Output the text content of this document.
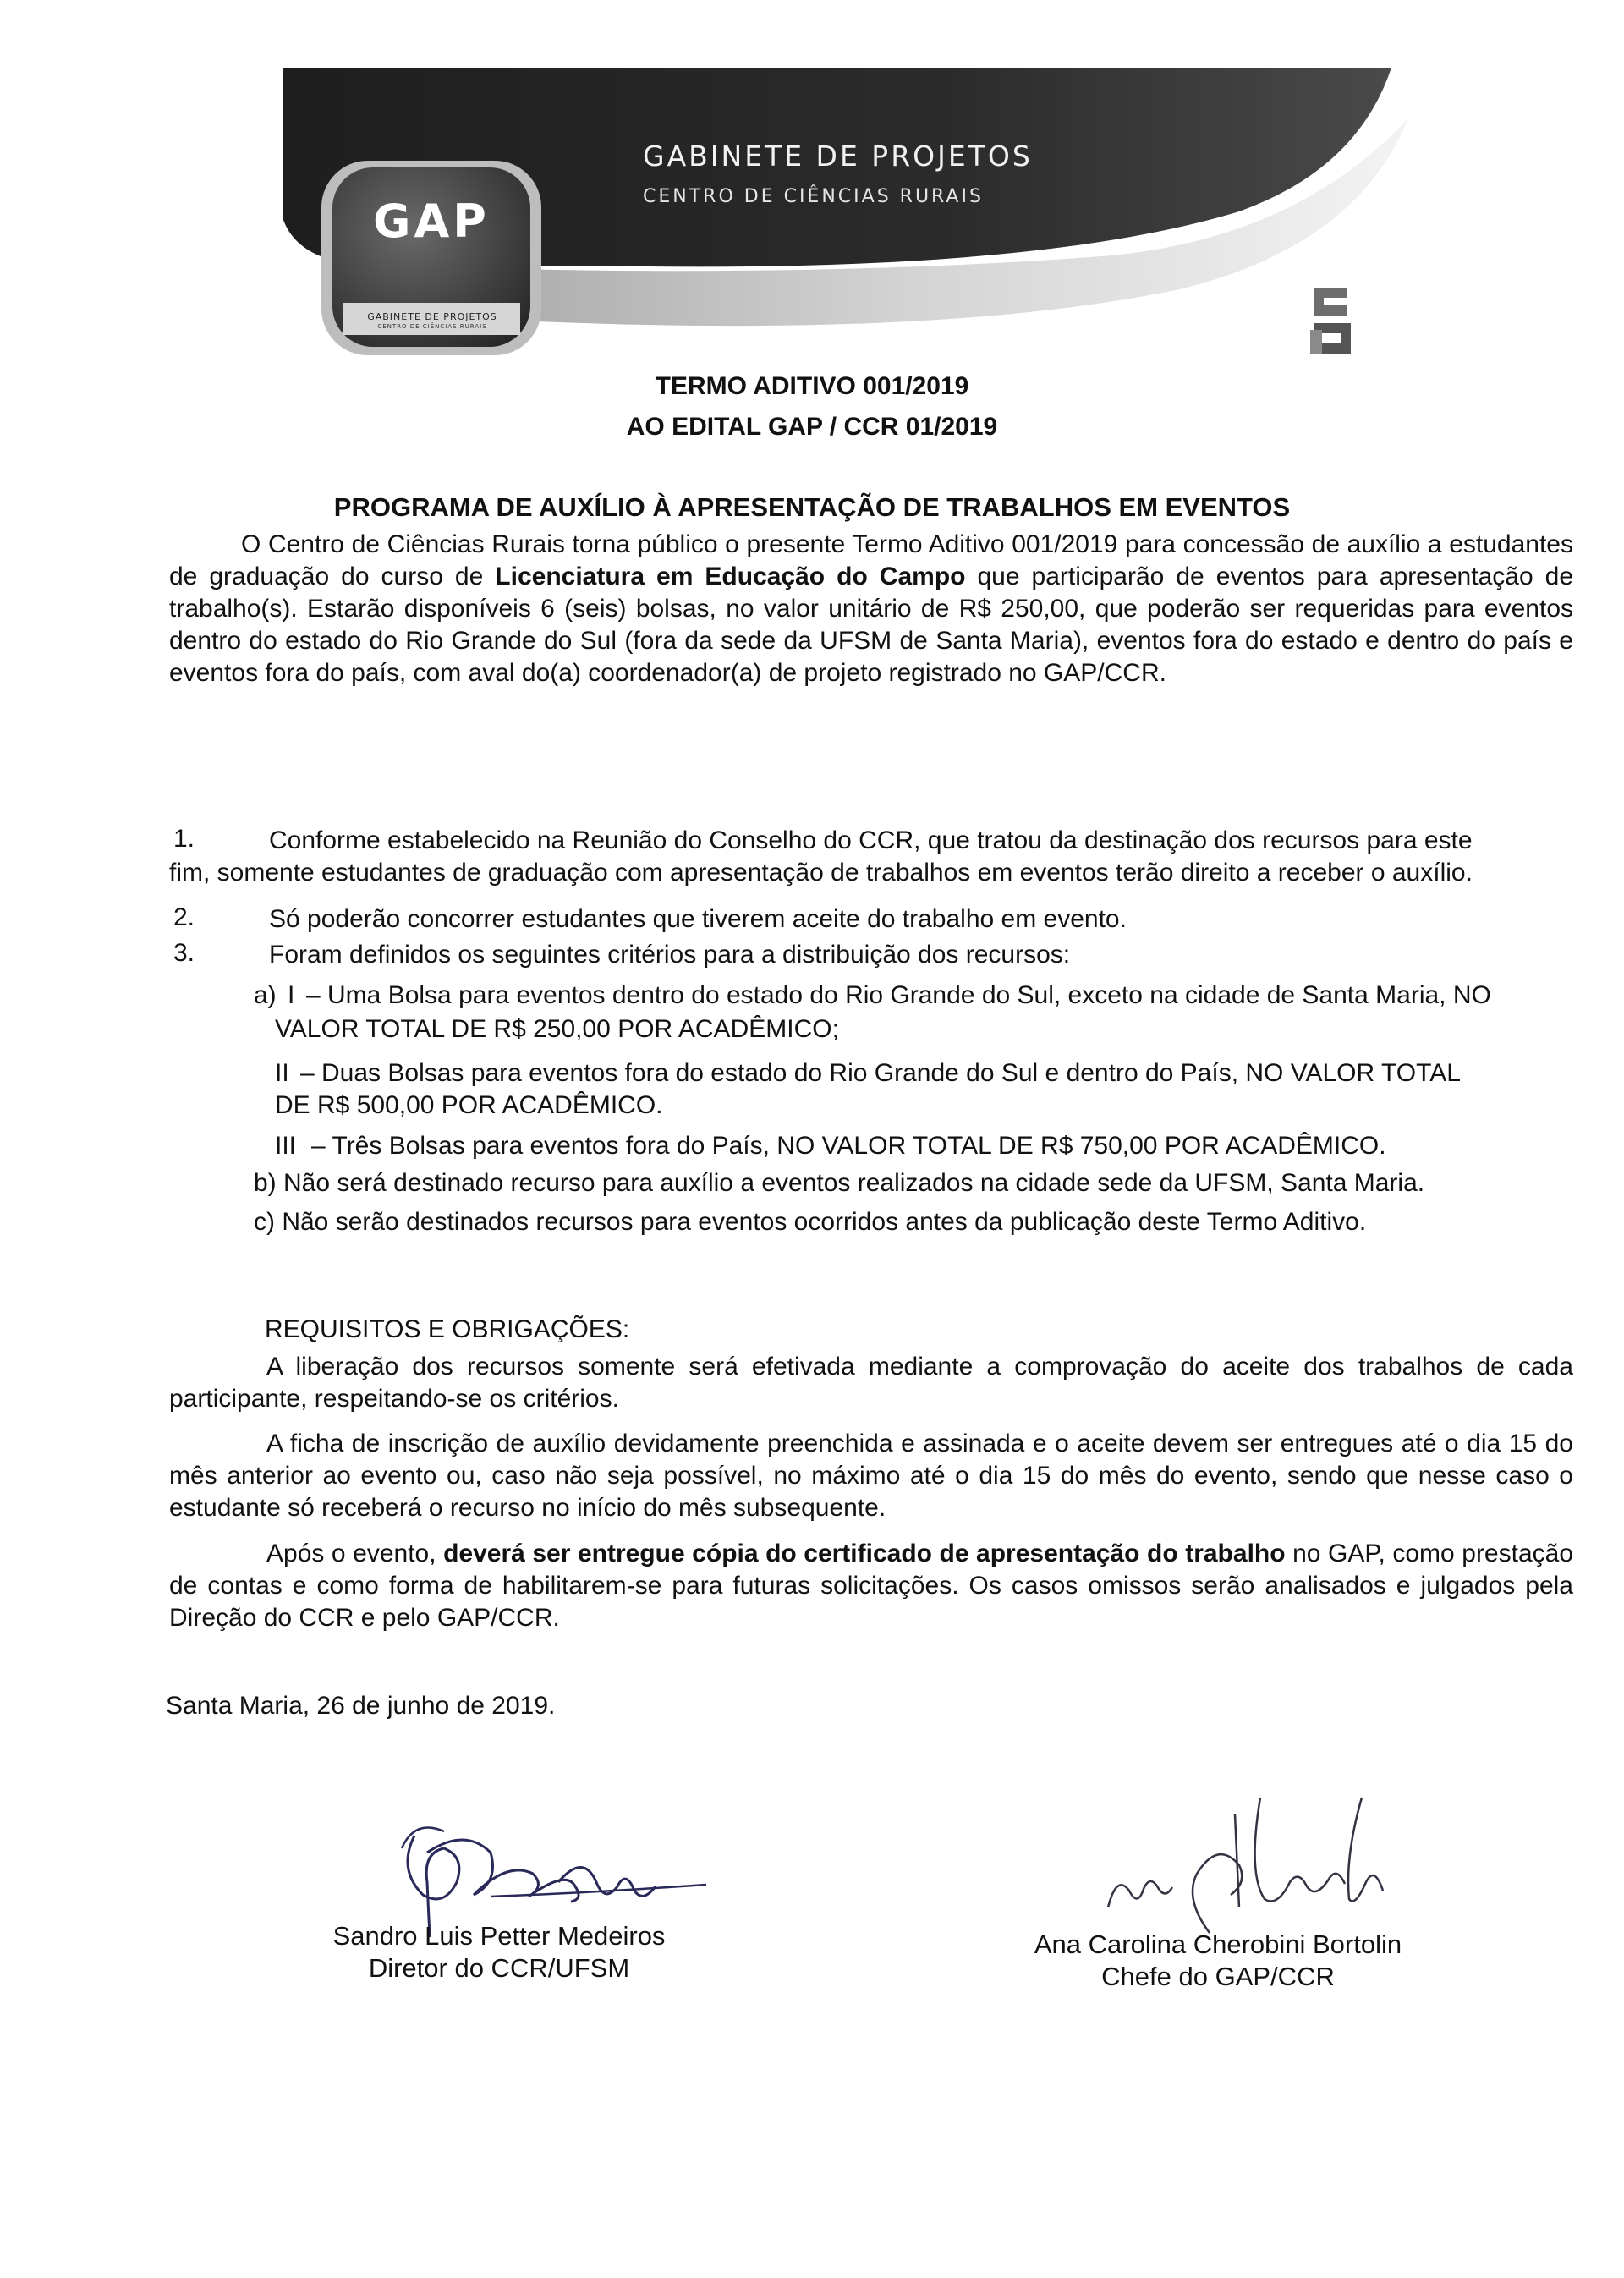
GABINETE DE PROJETOS
CENTRO DE CIÊNCIAS RURAIS
GAP
GABINETE DE PROJETOS
CENTRO DE CIÊNCIAS RURAIS
TERMO ADITIVO 001/2019
AO EDITAL GAP / CCR 01/2019
PROGRAMA DE AUXÍLIO À APRESENTAÇÃO DE TRABALHOS EM EVENTOS
O Centro de Ciências Rurais torna público o presente Termo Aditivo 001/2019 para concessão de auxílio a estudantes de graduação do curso de Licenciatura em Educação do Campo que participarão de eventos para apresentação de trabalho(s). Estarão disponíveis 6 (seis) bolsas, no valor unitário de R$ 250,00, que poderão ser requeridas para eventos dentro do estado do Rio Grande do Sul (fora da sede da UFSM de Santa Maria), eventos fora do estado e dentro do país e eventos fora do país, com aval do(a) coordenador(a) de projeto registrado no GAP/CCR.
1.	Conforme estabelecido na Reunião do Conselho do CCR, que tratou da destinação dos recursos para este
fim, somente estudantes de graduação com apresentação de trabalhos em eventos terão direito a receber o auxílio.
2.	Só poderão concorrer estudantes que tiverem aceite do trabalho em evento.
3.	Foram definidos os seguintes critérios para a distribuição dos recursos:
a) I – Uma Bolsa para eventos dentro do estado do Rio Grande do Sul, exceto na cidade de Santa Maria, NO
VALOR TOTAL DE R$ 250,00 POR ACADÊMICO;
II – Duas Bolsas para eventos fora do estado do Rio Grande do Sul e dentro do País, NO VALOR TOTAL
DE R$ 500,00 POR ACADÊMICO.
III – Três Bolsas para eventos fora do País, NO VALOR TOTAL DE R$ 750,00 POR ACADÊMICO.
b) Não será destinado recurso para auxílio a eventos realizados na cidade sede da UFSM, Santa Maria.
c) Não serão destinados recursos para eventos ocorridos antes da publicação deste Termo Aditivo.
REQUISITOS E OBRIGAÇÕES:
A liberação dos recursos somente será efetivada mediante a comprovação do aceite dos trabalhos de cada participante, respeitando-se os critérios.
A ficha de inscrição de auxílio devidamente preenchida e assinada e o aceite devem ser entregues até o dia 15 do mês anterior ao evento ou, caso não seja possível, no máximo até o dia 15 do mês do evento, sendo que nesse caso o estudante só receberá o recurso no início do mês subsequente.
Após o evento, deverá ser entregue cópia do certificado de apresentação do trabalho no GAP, como prestação de contas e como forma de habilitarem-se para futuras solicitações. Os casos omissos serão analisados e julgados pela Direção do CCR e pelo GAP/CCR.
Santa Maria, 26 de junho de 2019.
Sandro Luis Petter Medeiros
Diretor do CCR/UFSM
Ana Carolina Cherobini Bortolin
Chefe do GAP/CCR
